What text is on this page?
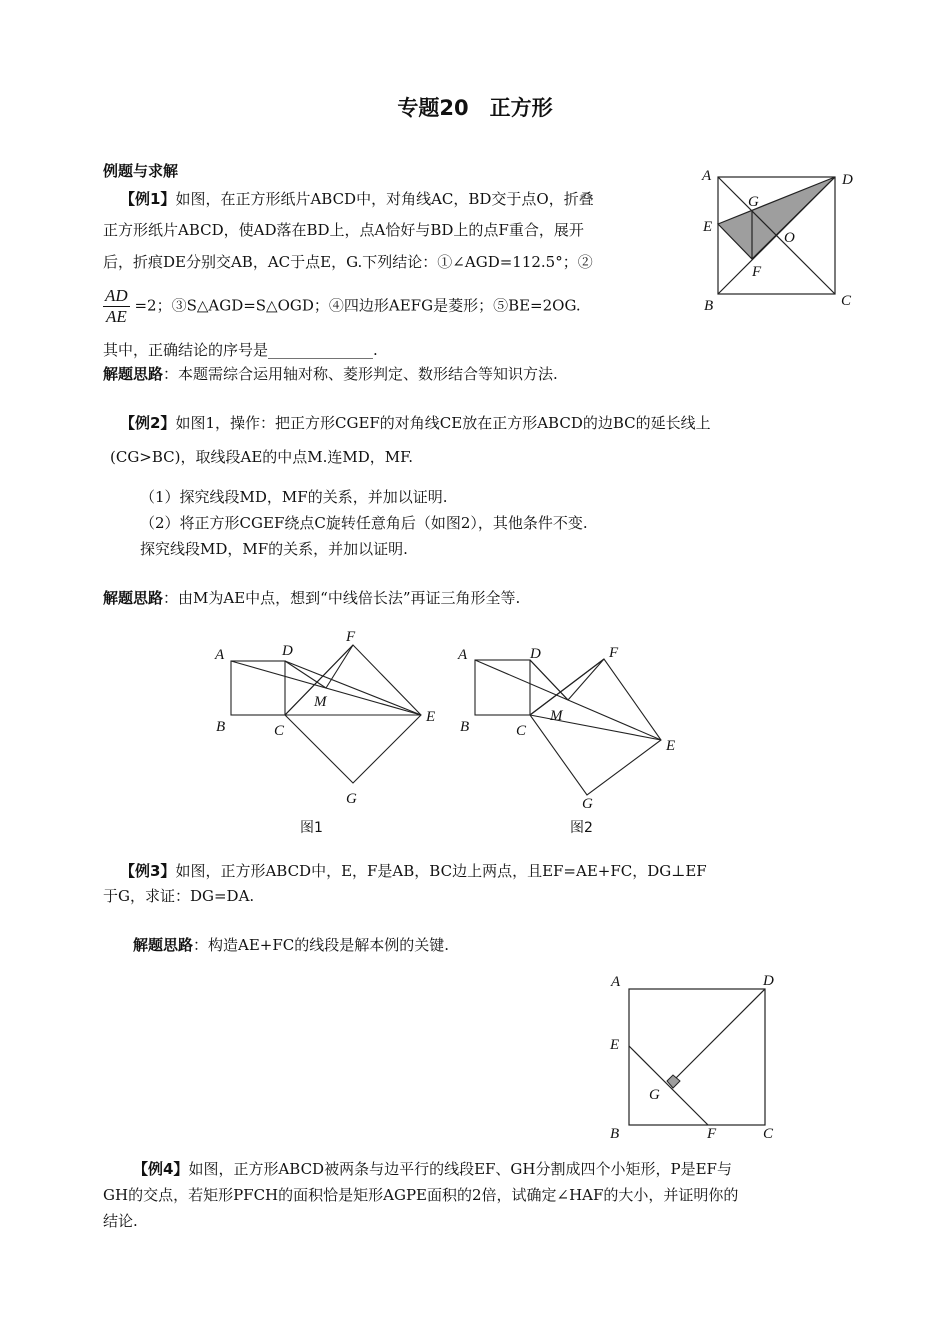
专题20　正方形
例题与求解
【例1】如图，在正方形纸片ABCD中，对角线AC，BD交于点O，折叠
正方形纸片ABCD，使AD落在BD上，点A恰好与BD上的点F重合，展开
后，折痕DE分别交AB，AC于点E，G.下列结论：①∠AGD=112.5°；②
$\frac{AD}{AE} =2$；③S△AGD=S△OGD；④四边形AEFG是菱形；⑤BE=2OG.
其中，正确结论的序号是______________.
解题思路：本题需综合运用轴对称、菱形判定、数形结合等知识方法.
A	D
G
E
O
F
B	C
【例2】如图1，操作：把正方形CGEF的对角线CE放在正方形ABCD的边BC的延长线上
(CG>BC)，取线段AE的中点M.连MD，MF.
（1）探究线段MD，MF的关系，并加以证明.
（2）将正方形CGEF绕点C旋转任意角后（如图2），其他条件不变.
探究线段MD，MF的关系，并加以证明.
解题思路：由M为AE中点，想到“中线倍长法”再证三角形全等.
A	D
F
M
E
B	C
G
图1
A	D	F
M
E
B	C
G
图2
【例3】如图，正方形ABCD中，E，F是AB，BC边上两点，且EF=AE+FC，DG⊥EF
于G，求证：DG=DA.
解题思路：构造AE+FC的线段是解本例的关键.
A	D
E
G
B	F	C
【例4】如图，正方形ABCD被两条与边平行的线段EF、GH分割成四个小矩形，P是EF与
GH的交点，若矩形PFCH的面积恰是矩形AGPE面积的2倍，试确定∠HAF的大小，并证明你的
结论.
